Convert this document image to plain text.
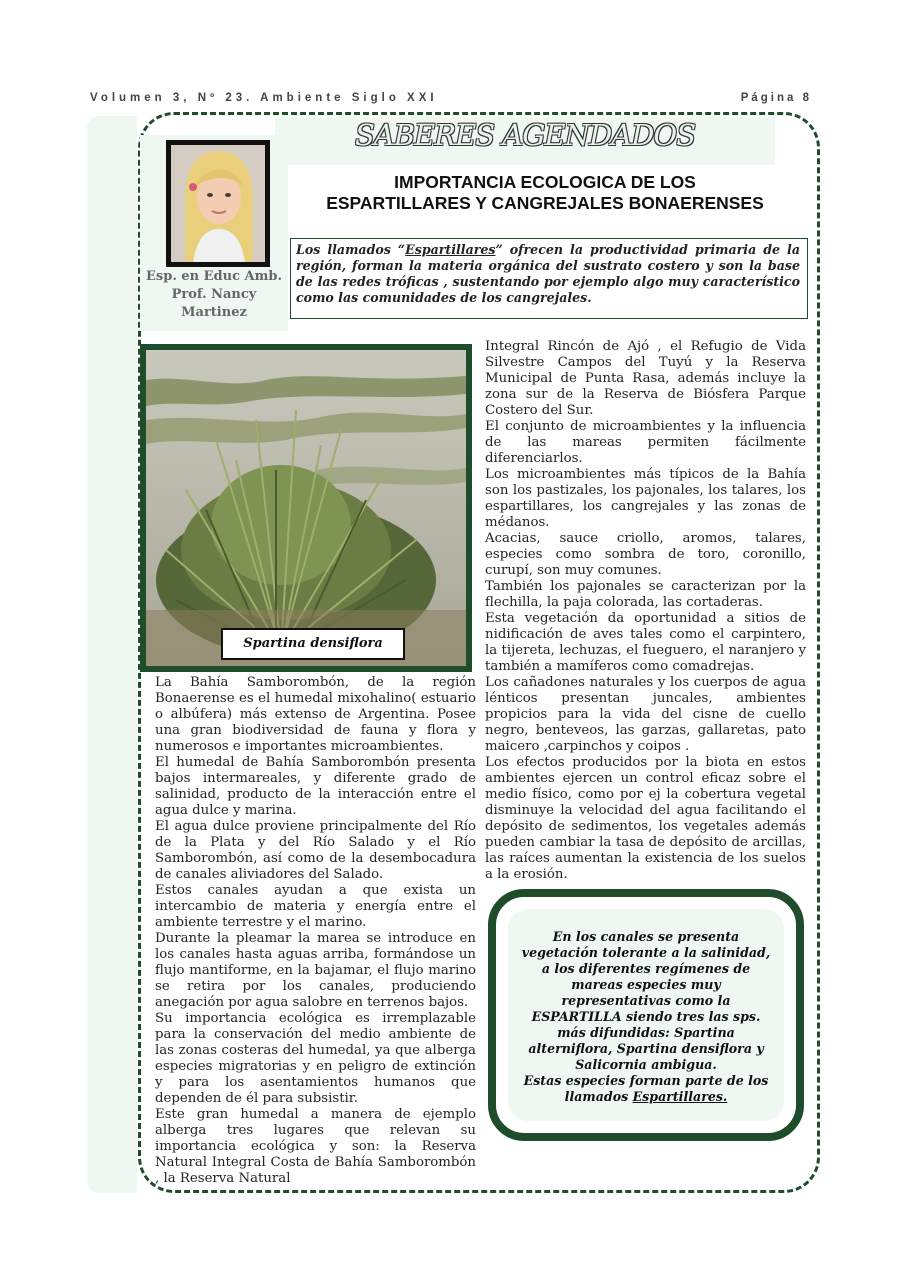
Volumen 3, Nº 23. Ambiente Siglo XXI	Página 8
SABERES AGENDADOS
IMPORTANCIA ECOLOGICA DE LOS
ESPARTILLARES Y CANGREJALES BONAERENSES
Esp. en Educ Amb.
Prof. Nancy
Martinez
Los llamados “Espartillares” ofrecen la productividad primaria de la región, forman la materia orgánica del sustrato costero y son la base de las redes tróficas , sustentando por ejemplo algo muy característico como las comunidades de los cangrejales.
Spartina densiflora

La Bahía Samborombón, de la región Bonaerense es el humedal mixohalino( estuario o albúfera) más extenso de Argentina. Posee una gran biodiversidad de fauna y flora y numerosos e importantes microambientes.

El humedal de Bahía Samborombón presenta bajos intermareales, y diferente grado de salinidad, producto de la interacción entre el agua dulce y marina.

El agua dulce proviene principalmente del Río de la Plata y del Río Salado y el Río Samborombón, así como de la desembocadura de canales aliviadores del Salado.

Estos canales ayudan a que exista un intercambio de materia y energía entre el ambiente terrestre y el marino.

Durante la pleamar la marea se introduce en los canales hasta aguas arriba, formándose un flujo mantiforme, en la bajamar, el flujo marino se retira por los canales, produciendo anegación por agua salobre en terrenos bajos.

Su importancia ecológica es irremplazable para la conservación del medio ambiente de las zonas costeras del humedal, ya que alberga especies migratorias y en peligro de extinción y para los asentamientos humanos que dependen de él para subsistir.

Este gran humedal a manera de ejemplo alberga tres lugares que relevan su importancia ecológica y son: la Reserva Natural Integral Costa de Bahía Samborombón , la Reserva Natural

Integral Rincón de Ajó , el Refugio de Vida Silvestre Campos del Tuyú y la Reserva Municipal de Punta Rasa, además incluye la zona sur de la Reserva de Biósfera Parque Costero del Sur.

El conjunto de microambientes y la influencia de las mareas permiten fácilmente diferenciarlos.

Los microambientes más típicos de la Bahía son los pastizales, los pajonales, los talares, los espartillares, los cangrejales y las zonas de médanos.

Acacias, sauce criollo, aromos, talares, especies como sombra de toro, coronillo, curupí, son muy comunes.

También los pajonales se caracterizan por la flechilla, la paja colorada, las cortaderas.

Esta vegetación da oportunidad a sitios de nidificación de aves tales como el carpintero, la tijereta, lechuzas, el fueguero, el naranjero y también a mamíferos como comadrejas.

Los cañadones naturales y los cuerpos de agua lénticos presentan juncales, ambientes propicios para la vida del cisne de cuello negro, benteveos, las garzas, gallaretas, pato maicero ,carpinchos y coipos .

Los efectos producidos por la biota en estos ambientes ejercen un control eficaz sobre el medio físico, como por ej la cobertura vegetal disminuye la velocidad del agua facilitando el depósito de sedimentos, los vegetales además pueden cambiar la tasa de depósito de arcillas, las raíces aumentan la existencia de los suelos a la erosión.

En los canales se presenta vegetación tolerante a la salinidad, a los diferentes regímenes de mareas especies muy representativas como la ESPARTILLA siendo tres las sps. más difundidas: Spartina alterniflora, Spartina densiflora y Salicornia ambigua.
Estas especies forman parte de los llamados Espartillares.
